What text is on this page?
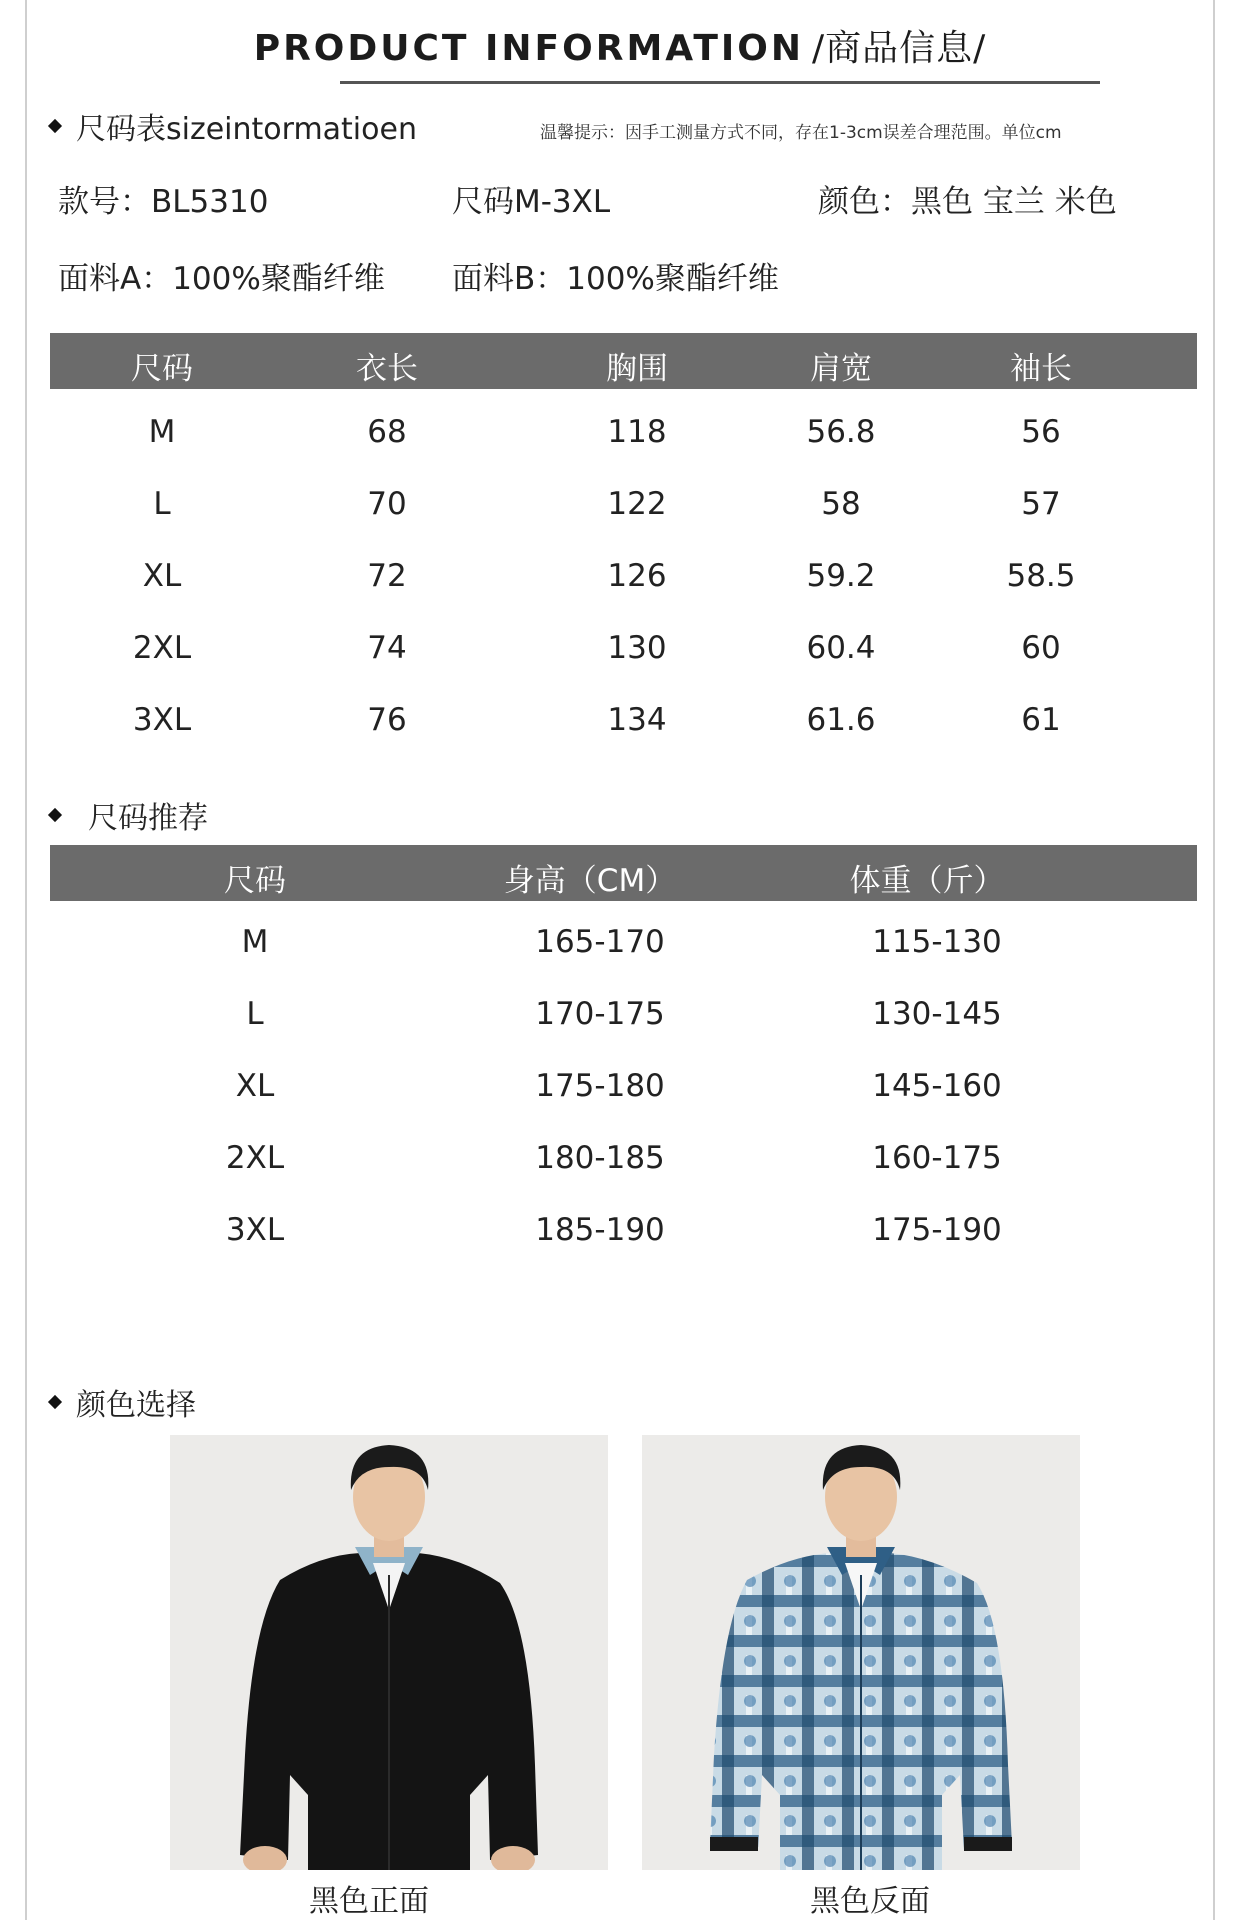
PRODUCT INFORMATION /商品信息/
尺码表sizeintormatioen	温馨提示：因手工测量方式不同，存在1-3cm误差合理范围。单位cm
款号：BL5310	尺码M-3XL	颜色：黑色 宝兰 米色
面料A：100%聚酯纤维 面料B：100%聚酯纤维
尺码	衣长	胸围	肩宽	袖长
M	68	118	56.8	56
L	70	122	58	57
XL	72	126	59.2	58.5
2XL	74	130	60.4	60
3XL	76	134	61.6	61
尺码推荐
尺码	身高（CM）	体重（斤）
M	165-170	115-130
L	170-175	130-145
XL	175-180	145-160
2XL	180-185	160-175
3XL	185-190	175-190
颜色选择
黑色正面	黑色反面
